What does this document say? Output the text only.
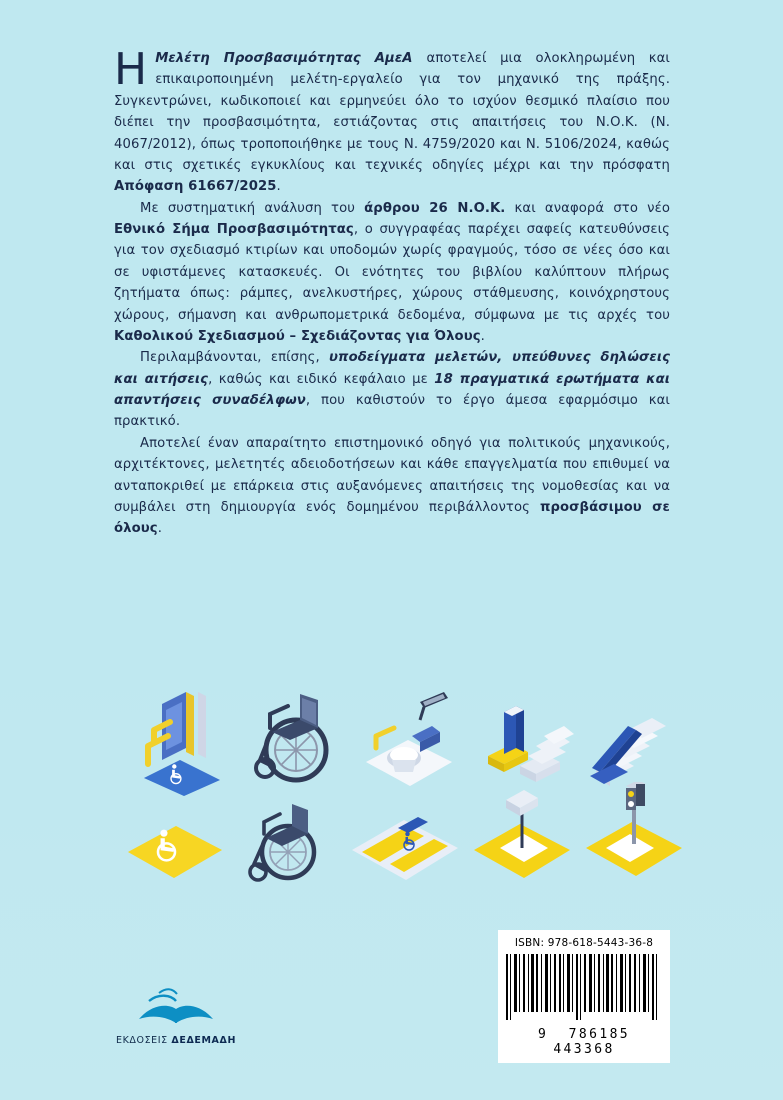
Η Μελέτη Προσβασιμότητας ΑμεΑ αποτελεί μια ολοκληρωμένη και επικαιροποιημένη μελέτη-εργαλείο για τον μηχανικό της πράξης. Συγκεντρώνει, κωδικοποιεί και ερμηνεύει όλο το ισχύον θεσμικό πλαίσιο που διέπει την προσβασιμότητα, εστιάζοντας στις απαιτήσεις του Ν.Ο.Κ. (Ν. 4067/2012), όπως τροποποιήθηκε με τους Ν. 4759/2020 και Ν. 5106/2024, καθώς και στις σχετικές εγκυκλίους και τεχνικές οδηγίες μέχρι και την πρόσφατη Απόφαση 61667/2025.

Με συστηματική ανάλυση του άρθρου 26 Ν.Ο.Κ. και αναφορά στο νέο Εθνικό Σήμα Προσβασιμότητας, ο συγγραφέας παρέχει σαφείς κατευθύνσεις για τον σχεδιασμό κτιρίων και υποδομών χωρίς φραγμούς, τόσο σε νέες όσο και σε υφιστάμενες κατασκευές. Οι ενότητες του βιβλίου καλύπτουν πλήρως ζητήματα όπως: ράμπες, ανελκυστήρες, χώρους στάθμευσης, κοινόχρηστους χώρους, σήμανση και ανθρωπομετρικά δεδομένα, σύμφωνα με τις αρχές του Καθολικού Σχεδιασμού – Σχεδιάζοντας για Όλους.

Περιλαμβάνονται, επίσης, υποδείγματα μελετών, υπεύθυνες δηλώσεις και αιτήσεις, καθώς και ειδικό κεφάλαιο με 18 πραγματικά ερωτήματα και απαντήσεις συναδέλφων, που καθιστούν το έργο άμεσα εφαρμόσιμο και πρακτικό.

Αποτελεί έναν απαραίτητο επιστημονικό οδηγό για πολιτικούς μηχανικούς, αρχιτέκτονες, μελετητές αδειοδοτήσεων και κάθε επαγγελματία που επιθυμεί να ανταποκριθεί με επάρκεια στις αυξανόμενες απαιτήσεις της νομοθεσίας και να συμβάλει στη δημιουργία ενός δομημένου περιβάλλοντος προσβάσιμου σε όλους.

ISBN: 978-618-5443-36-8
9 786185 443368
ΕΚΔΟΣΕΙΣ ΔΕΔΕΜΑΔΗ
